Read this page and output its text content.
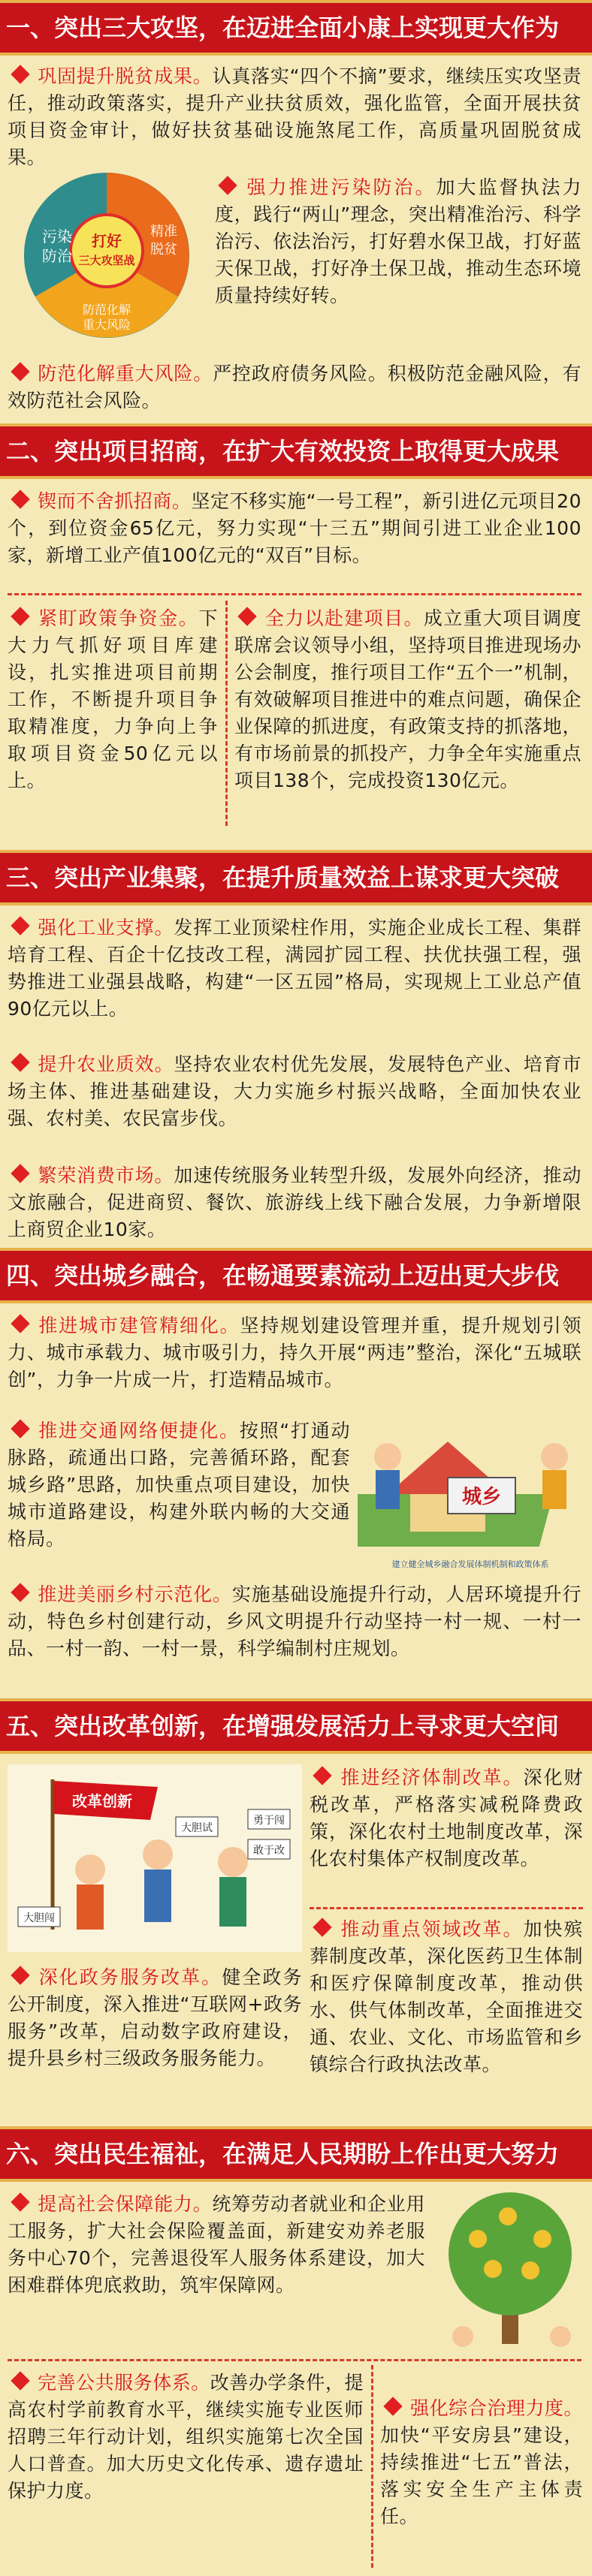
一、突出三大攻坚，在迈进全面小康上实现更大作为
巩固提升脱贫成果。认真落实“四个不摘”要求，继续压实攻坚责任，推动政策落实，提升产业扶贫质效，强化监管，全面开展扶贫项目资金审计，做好扶贫基础设施煞尾工作，高质量巩固脱贫成果。
打好
三大攻坚战
污染
防治
精准
脱贫
防范化解
重大风险
强力推进污染防治。加大监督执法力度，践行“两山”理念，突出精准治污、科学治污、依法治污，打好碧水保卫战，打好蓝天保卫战，打好净土保卫战，推动生态环境质量持续好转。
防范化解重大风险。严控政府债务风险。积极防范金融风险，有效防范社会风险。
二、突出项目招商，在扩大有效投资上取得更大成果
锲而不舍抓招商。坚定不移实施“一号工程”，新引进亿元项目20个，到位资金65亿元，努力实现“十三五”期间引进工业企业100家，新增工业产值100亿元的“双百”目标。
紧盯政策争资金。下大力气抓好项目库建设，扎实推进项目前期工作，不断提升项目争取精准度，力争向上争取项目资金50亿元以上。
全力以赴建项目。成立重大项目调度联席会议领导小组，坚持项目推进现场办公会制度，推行项目工作“五个一”机制，有效破解项目推进中的难点问题，确保企业保障的抓进度，有政策支持的抓落地，有市场前景的抓投产，力争全年实施重点项目138个，完成投资130亿元。
三、突出产业集聚，在提升质量效益上谋求更大突破
强化工业支撑。发挥工业顶梁柱作用，实施企业成长工程、集群培育工程、百企十亿技改工程，满园扩园工程、扶优扶强工程，强势推进工业强县战略，构建“一区五园”格局，实现规上工业总产值90亿元以上。
提升农业质效。坚持农业农村优先发展，发展特色产业、培育市场主体、推进基础建设，大力实施乡村振兴战略，全面加快农业强、农村美、农民富步伐。
繁荣消费市场。加速传统服务业转型升级，发展外向经济，推动文旅融合，促进商贸、餐饮、旅游线上线下融合发展，力争新增限上商贸企业10家。
四、突出城乡融合，在畅通要素流动上迈出更大步伐
推进城市建管精细化。坚持规划建设管理并重，提升规划引领力、城市承载力、城市吸引力，持久开展“两违”整治，深化“五城联创”，力争一片成一片，打造精品城市。
推进交通网络便捷化。按照“打通动脉路，疏通出口路，完善循环路，配套城乡路”思路，加快重点项目建设，加快城市道路建设，构建外联内畅的大交通格局。
城乡
建立健全城乡融合发展体制机制和政策体系
推进美丽乡村示范化。实施基础设施提升行动，人居环境提升行动，特色乡村创建行动，乡风文明提升行动坚持一村一规、一村一品、一村一韵、一村一景，科学编制村庄规划。
五、突出改革创新，在增强发展活力上寻求更大空间
改革创新
大胆试
勇于闯
敢于改
大胆闯
推进经济体制改革。深化财税改革，严格落实减税降费政策，深化农村土地制度改革，深化农村集体产权制度改革。
推动重点领域改革。加快殡葬制度改革，深化医药卫生体制和医疗保障制度改革，推动供水、供气体制改革，全面推进交通、农业、文化、市场监管和乡镇综合行政执法改革。
深化政务服务改革。健全政务公开制度，深入推进“互联网+政务服务”改革，启动数字政府建设，提升县乡村三级政务服务能力。
六、突出民生福祉，在满足人民期盼上作出更大努力
提高社会保障能力。统筹劳动者就业和企业用工服务，扩大社会保险覆盖面，新建安劝养老服务中心70个，完善退役军人服务体系建设，加大困难群体兜底救助，筑牢保障网。
完善公共服务体系。改善办学条件，提高农村学前教育水平，继续实施专业医师招聘三年行动计划，组织实施第七次全国人口普查。加大历史文化传承、遗存遗址保护力度。
强化综合治理力度。加快“平安房县”建设，持续推进“七五”普法，落实安全生产主体责任。
